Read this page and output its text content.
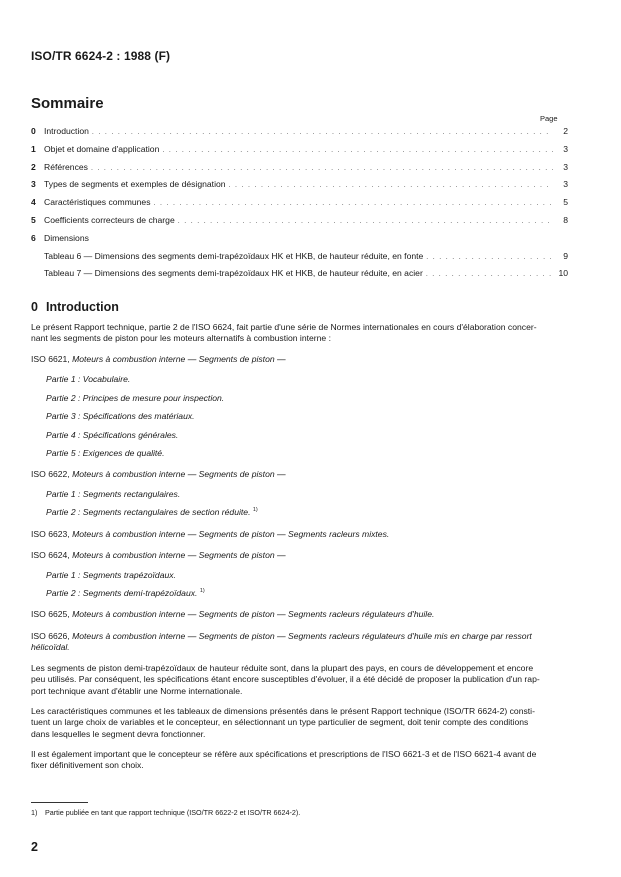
ISO/TR 6624-2 : 1988 (F)
Sommaire
Page
0 Introduction . . .	2
1 Objet et domaine d'application . . .	3
2 Références . . .	3
3 Types de segments et exemples de désignation . . .	3
4 Caractéristiques communes . . .	5
5 Coefficients correcteurs de charge . . .	8
6 Dimensions
Tableau 6 — Dimensions des segments demi-trapézoïdaux HK et HKB, de hauteur réduite, en fonte . . .	9
Tableau 7 — Dimensions des segments demi-trapézoïdaux HK et HKB, de hauteur réduite, en acier . . .	10
0 Introduction
Le présent Rapport technique, partie 2 de l'ISO 6624, fait partie d'une série de Normes internationales en cours d'élaboration concer-
nant les segments de piston pour les moteurs alternatifs à combustion interne :
ISO 6621, Moteurs à combustion interne — Segments de piston —
Partie 1 : Vocabulaire.
Partie 2 : Principes de mesure pour inspection.
Partie 3 : Spécifications des matériaux.
Partie 4 : Spécifications générales.
Partie 5 : Exigences de qualité.
ISO 6622, Moteurs à combustion interne — Segments de piston —
Partie 1 : Segments rectangulaires.
Partie 2 : Segments rectangulaires de section réduite. $^{1)}$
ISO 6623, Moteurs à combustion interne — Segments de piston — Segments racleurs mixtes.
ISO 6624, Moteurs à combustion interne — Segments de piston —
Partie 1 : Segments trapézoïdaux.
Partie 2 : Segments demi-trapézoïdaux. $^{1)}$
ISO 6625, Moteurs à combustion interne — Segments de piston — Segments racleurs régulateurs d'huile.
ISO 6626, Moteurs à combustion interne — Segments de piston — Segments racleurs régulateurs d'huile mis en charge par ressort
hélicoïdal.
Les segments de piston demi-trapézoïdaux de hauteur réduite sont, dans la plupart des pays, en cours de développement et encore
peu utilisés. Par conséquent, les spécifications étant encore susceptibles d'évoluer, il a été décidé de proposer la publication d'un rap-
port technique avant d'établir une Norme internationale.
Les caractéristiques communes et les tableaux de dimensions présentés dans le présent Rapport technique (ISO/TR 6624-2) consti-
tuent un large choix de variables et le concepteur, en sélectionnant un type particulier de segment, doit tenir compte des conditions
dans lesquelles le segment devra fonctionner.
Il est également important que le concepteur se réfère aux spécifications et prescriptions de l'ISO 6621-3 et de l'ISO 6621-4 avant de
fixer définitivement son choix.
1) Partie publiée en tant que rapport technique (ISO/TR 6622-2 et ISO/TR 6624-2).
2
